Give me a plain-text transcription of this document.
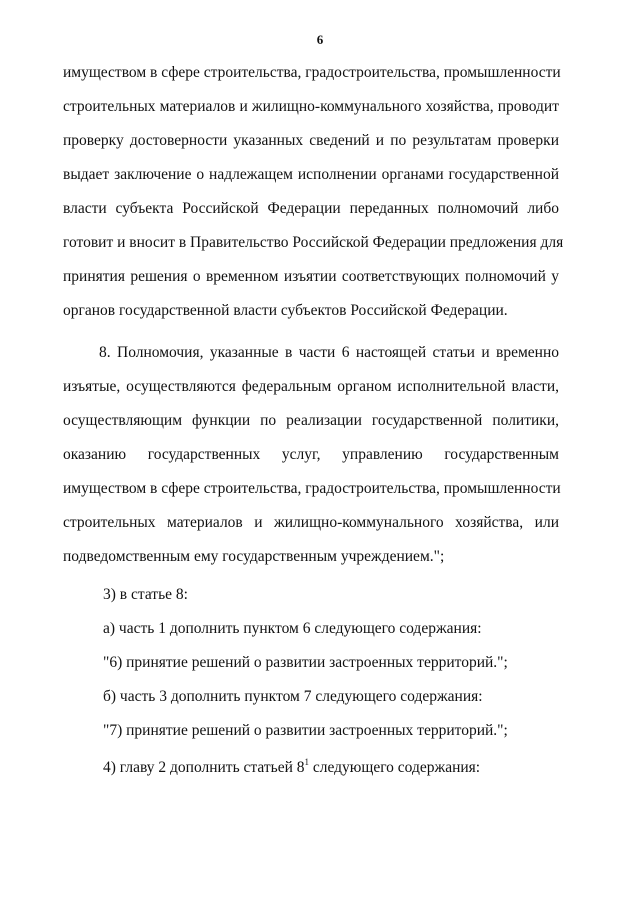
6
имуществом в сфере строительства, градостроительства, промышленности
строительных материалов и жилищно-коммунального хозяйства, проводит
проверку достоверности указанных сведений и по результатам проверки
выдает заключение о надлежащем исполнении органами государственной
власти субъекта Российской Федерации переданных полномочий либо
готовит и вносит в Правительство Российской Федерации предложения для
принятия решения о временном изъятии соответствующих полномочий у
органов государственной власти субъектов Российской Федерации.
8. Полномочия, указанные в части 6 настоящей статьи и временно
изъятые, осуществляются федеральным органом исполнительной власти,
осуществляющим функции по реализации государственной политики,
оказанию государственных услуг, управлению государственным
имуществом в сфере строительства, градостроительства, промышленности
строительных материалов и жилищно-коммунального хозяйства, или
подведомственным ему государственным учреждением.";
3) в статье 8:
а) часть 1 дополнить пунктом 6 следующего содержания:
"6) принятие решений о развитии застроенных территорий.";
б) часть 3 дополнить пунктом 7 следующего содержания:
"7) принятие решений о развитии застроенных территорий.";
4) главу 2 дополнить статьей $8^1$ следующего содержания:
